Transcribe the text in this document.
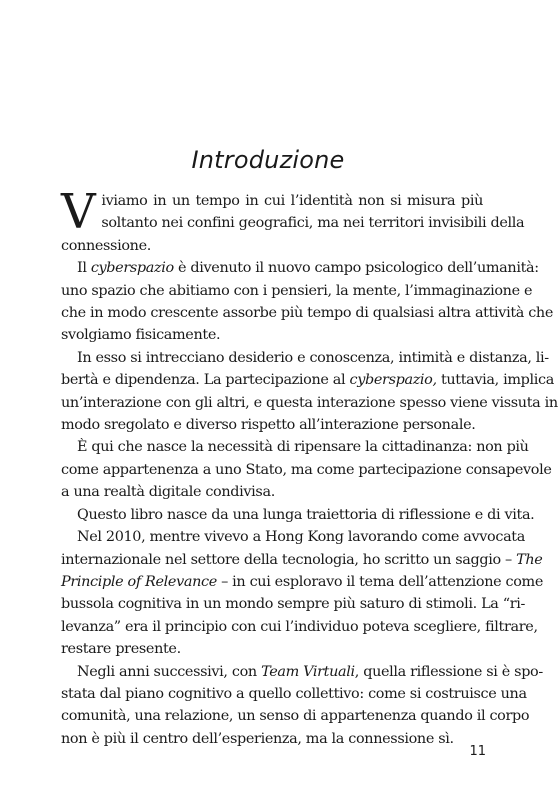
Introduzione
V iviamo in un tempo in cui l’identità non si misura più
soltanto nei confini geografici, ma nei territori invisibili della
connessione.
Il cyberspazio è divenuto il nuovo campo psicologico dell’umanità:
uno spazio che abitiamo con i pensieri, la mente, l’immaginazione e
che in modo crescente assorbe più tempo di qualsiasi altra attività che
svolgiamo fisicamente.
In esso si intrecciano desiderio e conoscenza, intimità e distanza, li-
bertà e dipendenza. La partecipazione al cyberspazio, tuttavia, implica
un’interazione con gli altri, e questa interazione spesso viene vissuta in
modo sregolato e diverso rispetto all’interazione personale.
È qui che nasce la necessità di ripensare la cittadinanza: non più
come appartenenza a uno Stato, ma come partecipazione consapevole
a una realtà digitale condivisa.
Questo libro nasce da una lunga traiettoria di riflessione e di vita.
Nel 2010, mentre vivevo a Hong Kong lavorando come avvocata
internazionale nel settore della tecnologia, ho scritto un saggio – The
Principle of Relevance – in cui esploravo il tema dell’attenzione come
bussola cognitiva in un mondo sempre più saturo di stimoli. La “ri-
levanza” era il principio con cui l’individuo poteva scegliere, filtrare,
restare presente.
Negli anni successivi, con Team Virtuali, quella riflessione si è spo-
stata dal piano cognitivo a quello collettivo: come si costruisce una
comunità, una relazione, un senso di appartenenza quando il corpo
non è più il centro dell’esperienza, ma la connessione sì.
11
